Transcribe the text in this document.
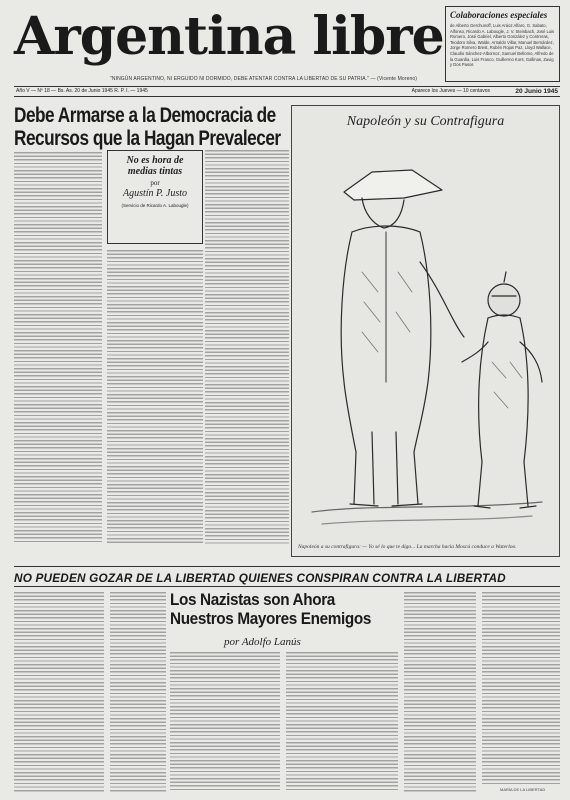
Argentina libre
"NINGÚN ARGENTINO, NI ERGUIDO NI DORMIDO, DEBE ATENTAR CONTRA LA LIBERTAD DE SU PATRIA." — (Vicente Moreno)
Colaboraciones especiales

de Alberto Gerchunoff, Luis Aráoz Alfaro, G. Sabato, Alfonso, Ricardo A. Labougle, J. V. Steinbach, José Luis Romero, José Gabriel, Alberto González y Contreras, Teodoro Silva, Walde, Arnaldo Villar, Manuel Bernárdez, Jorge Romero Brest, Rubén Rojas Paz, Lloyd Wallace, Claudio Sánchez-Albornoz, Samuel Bellomo, Alfredo de la Guardia, Luis Franco, Guillermo Kors, Gallinas, Zavig y Dos Pasos

Año V — Nº 18 — Bs. As. 20 de Junio 1945 R. P. I. — 1945	Aparece los Jueves — 10 centavos	20 Junio 1945
Debe Armarse a la Democracia de Recursos que la Hagan Prevalecer
No es hora de medias tintas
por
Agustín P. Justo
(Servicio de Ricardo A. Labougle)
Napoleón y su Contrafigura
Napoleón a su contrafigura: — Yo sé lo que te digo... La marcha hacia Moscú conduce a Waterloo.
NO PUEDEN GOZAR DE LA LIBERTAD QUIENES CONSPIRAN CONTRA LA LIBERTAD
Los Nazistas son Ahora Nuestros Mayores Enemigos
por Adolfo Lanús
MARÍA DE LA LIBERTAD
